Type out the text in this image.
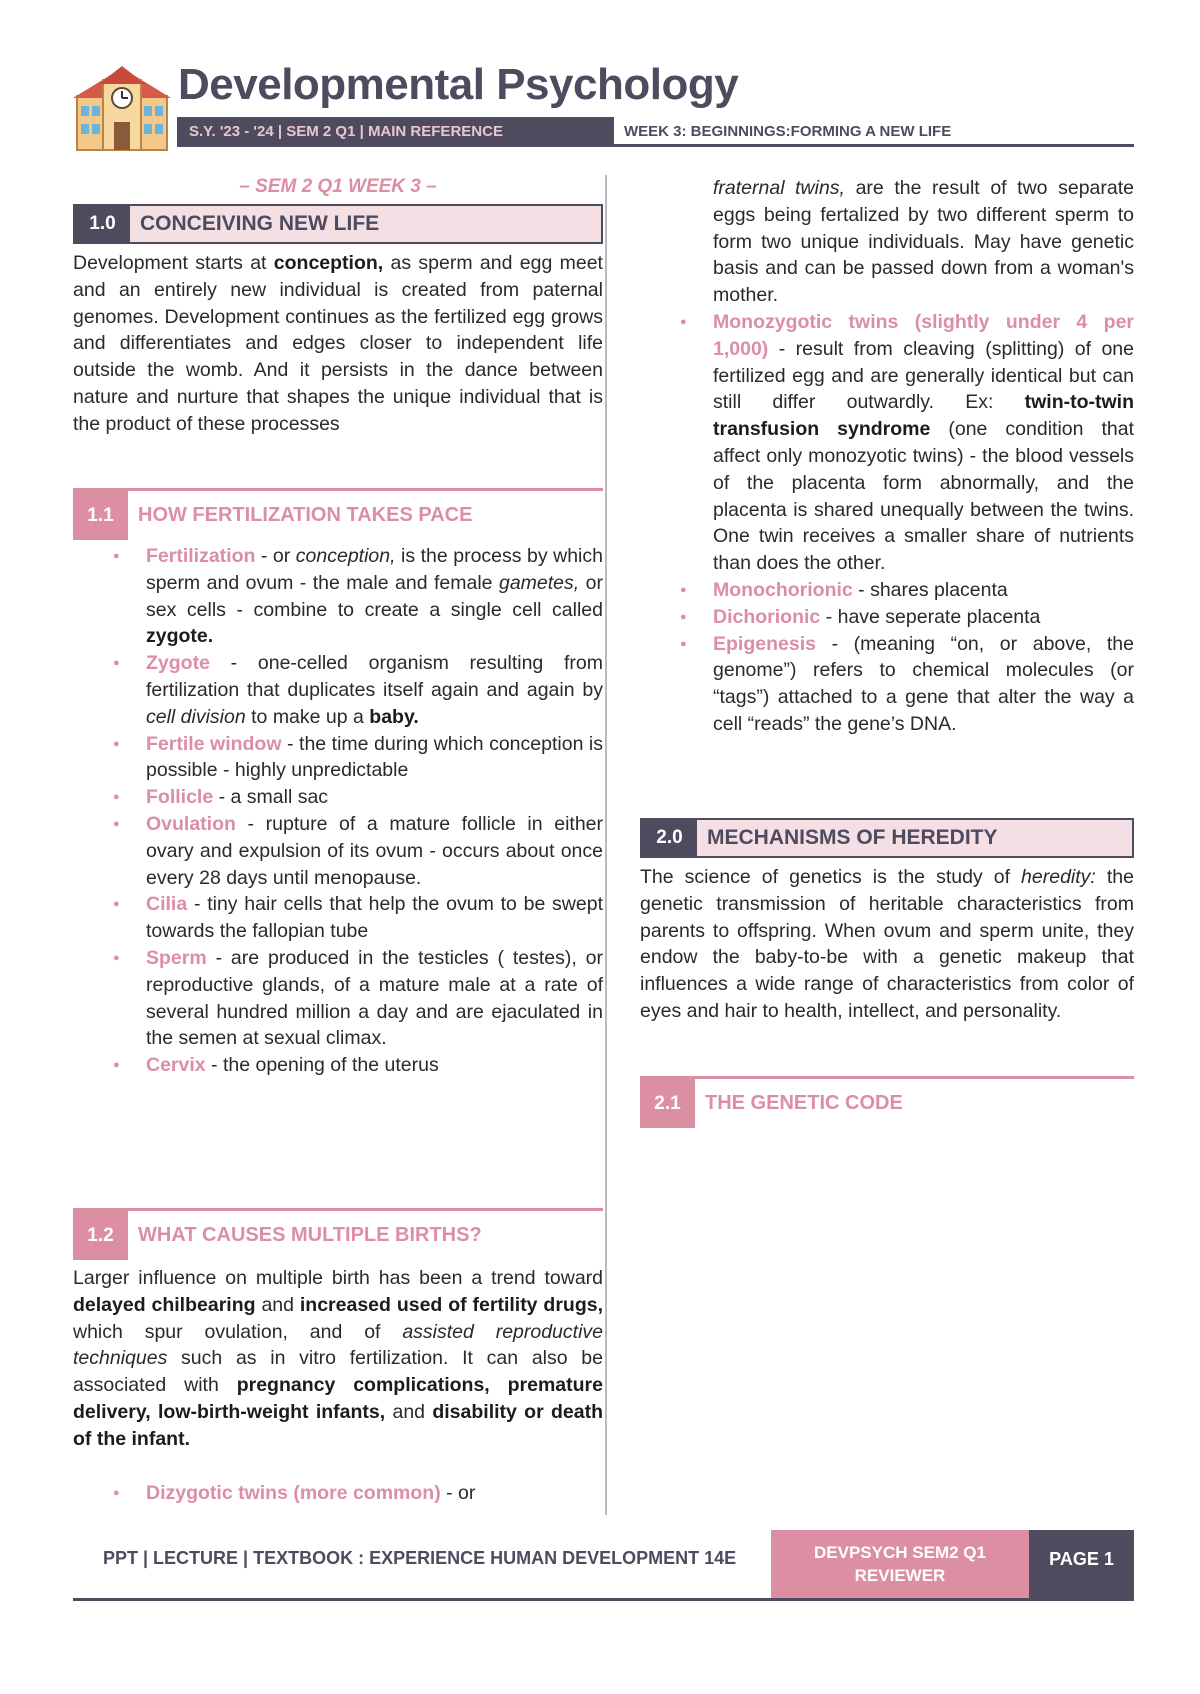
Developmental Psychology
S.Y. '23 - '24 | SEM 2 Q1 | MAIN REFERENCE	WEEK 3: BEGINNINGS:FORMING A NEW LIFE
– SEM 2 Q1 WEEK 3 –
1.0	CONCEIVING NEW LIFE
Development starts at conception, as sperm and egg meet and an entirely new individual is created from paternal genomes. Development continues as the fertilized egg grows and differentiates and edges closer to independent life outside the womb. And it persists in the dance between nature and nurture that shapes the unique individual that is the product of these processes
1.1	HOW FERTILIZATION TAKES PACE
● Fertilization - or conception, is the process by which sperm and ovum - the male and female gametes, or sex cells - combine to create a single cell called zygote.
● Zygote - one-celled organism resulting from fertilization that duplicates itself again and again by cell division to make up a baby.
● Fertile window - the time during which conception is possible - highly unpredictable
● Follicle - a small sac
● Ovulation - rupture of a mature follicle in either ovary and expulsion of its ovum - occurs about once every 28 days until menopause.
● Cilia - tiny hair cells that help the ovum to be swept towards the fallopian tube
● Sperm - are produced in the testicles ( testes), or reproductive glands, of a mature male at a rate of several hundred million a day and are ejaculated in the semen at sexual climax.
● Cervix - the opening of the uterus
1.2	WHAT CAUSES MULTIPLE BIRTHS?
Larger influence on multiple birth has been a trend toward delayed chilbearing and increased used of fertility drugs, which spur ovulation, and of assisted reproductive techniques such as in vitro fertilization. It can also be associated with pregnancy complications, premature delivery, low-birth-weight infants, and disability or death of the infant.
● Dizygotic twins (more common) - or
fraternal twins, are the result of two separate eggs being fertalized by two different sperm to form two unique individuals. May have genetic basis and can be passed down from a woman's mother.
● Monozygotic twins (slightly under 4 per 1,000) - result from cleaving (splitting) of one fertilized egg and are generally identical but can still differ outwardly. Ex: twin-to-twin transfusion syndrome (one condition that affect only monozyotic twins) - the blood vessels of the placenta form abnormally, and the placenta is shared unequally between the twins. One twin receives a smaller share of nutrients than does the other.
● Monochorionic - shares placenta
● Dichorionic - have seperate placenta
● Epigenesis - (meaning “on, or above, the genome”) refers to chemical molecules (or “tags”) attached to a gene that alter the way a cell “reads” the gene’s DNA.
2.0	MECHANISMS OF HEREDITY
The science of genetics is the study of heredity: the genetic transmission of heritable characteristics from parents to offspring. When ovum and sperm unite, they endow the baby-to-be with a genetic makeup that influences a wide range of characteristics from color of eyes and hair to health, intellect, and personality.
2.1	THE GENETIC CODE
PPT | LECTURE | TEXTBOOK : EXPERIENCE HUMAN DEVELOPMENT 14E	DEVPSYCH SEM2 Q1
REVIEWER
PAGE 1
